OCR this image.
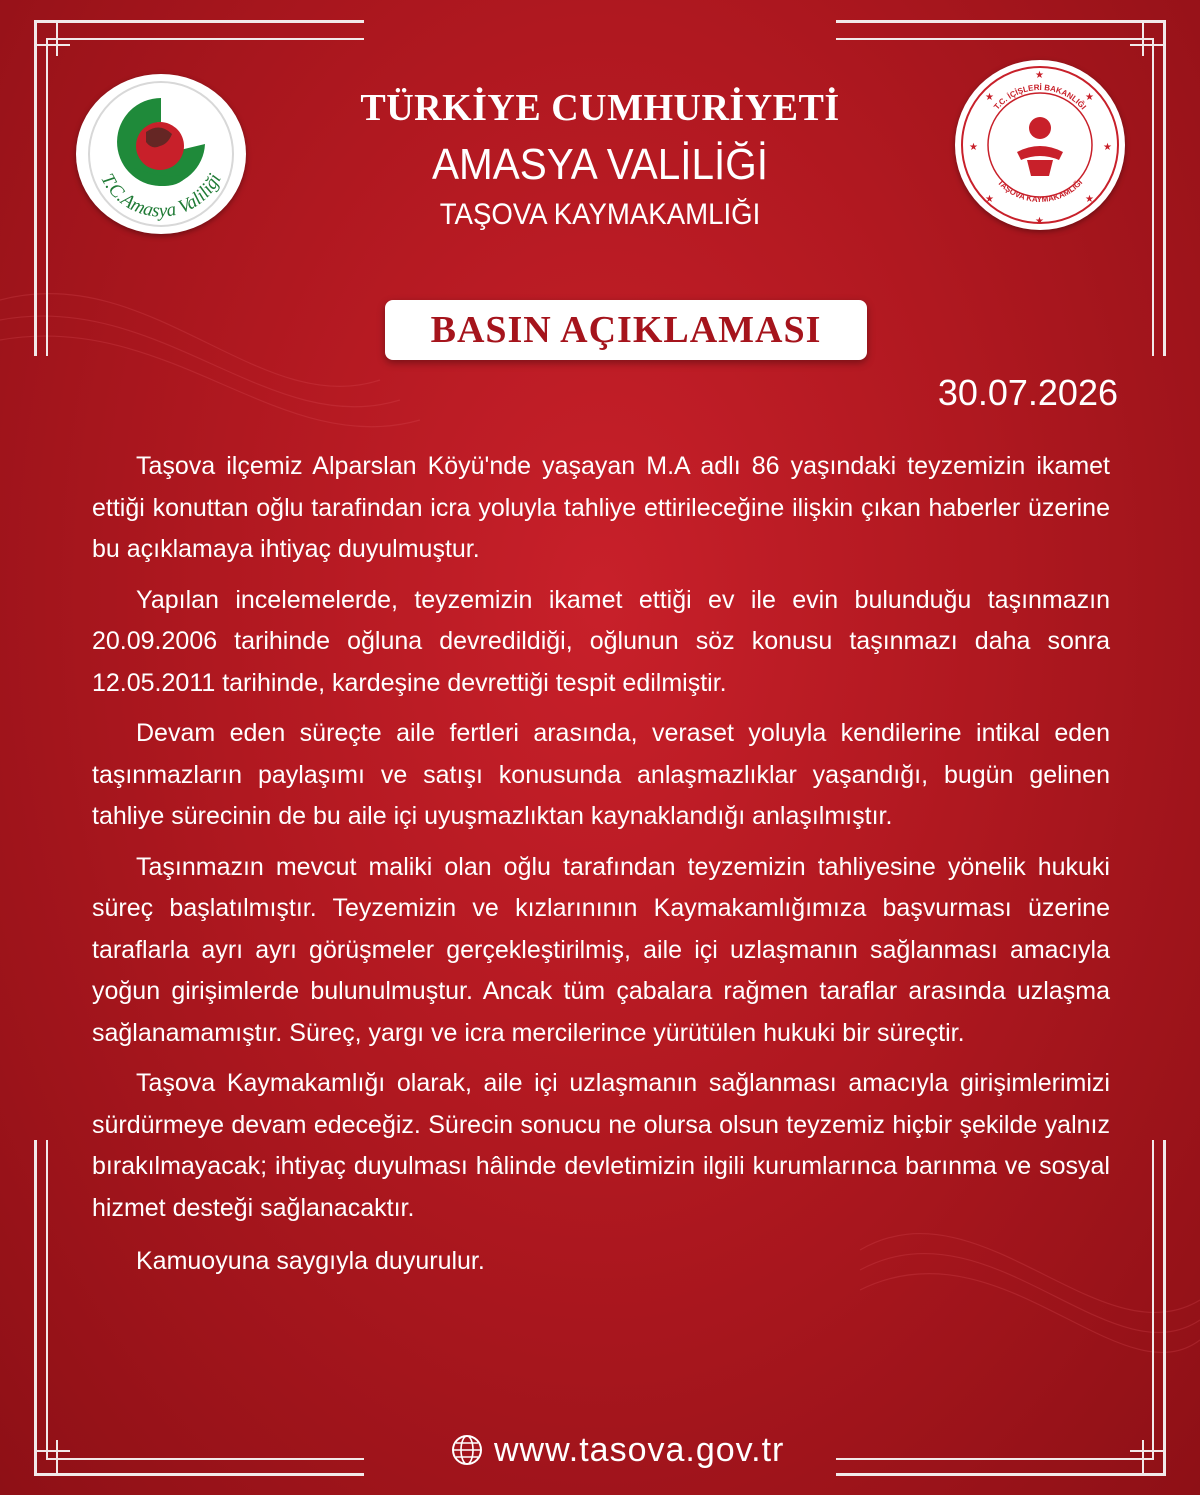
T.C.Amasya Valiliği
★	★
★	★
★	★
★
★
T.C. İÇİŞLERİ BAKANLIĞI
TAŞOVA KAYMAKAMLIĞI
TÜRKİYE CUMHURİYETİ
AMASYA VALİLİĞİ
TAŞOVA KAYMAKAMLIĞI
BASIN AÇIKLAMASI
30.07.2026

Taşova ilçemiz Alparslan Köyü'nde yaşayan M.A adlı 86 yaşındaki teyzemizin ikamet ettiği konuttan oğlu tarafindan icra yoluyla tahliye ettirileceğine ilişkin çıkan haberler üzerine bu açıklamaya ihtiyaç duyulmuştur.

Yapılan incelemelerde, teyzemizin ikamet ettiği ev ile evin bulunduğu taşınmazın 20.09.2006 tarihinde oğluna devredildiği, oğlunun söz konusu taşınmazı daha sonra 12.05.2011 tarihinde, kardeşine devrettiği tespit edilmiştir.

Devam eden süreçte aile fertleri arasında, veraset yoluyla kendilerine intikal eden taşınmazların paylaşımı ve satışı konusunda anlaşmazlıklar yaşandığı, bugün gelinen tahliye sürecinin de bu aile içi uyuşmazlıktan kaynaklandığı anlaşılmıştır.

Taşınmazın mevcut maliki olan oğlu tarafından teyzemizin tahliyesine yönelik hukuki süreç başlatılmıştır. Teyzemizin ve kızlarınının Kaymakamlığımıza başvurması üzerine taraflarla ayrı ayrı görüşmeler gerçekleştirilmiş, aile içi uzlaşmanın sağlanması amacıyla yoğun girişimlerde bulunulmuştur. Ancak tüm çabalara rağmen taraflar arasında uzlaşma sağlanamamıştır. Süreç, yargı ve icra mercilerince yürütülen hukuki bir süreçtir.

Taşova Kaymakamlığı olarak, aile içi uzlaşmanın sağlanması amacıyla girişimlerimizi sürdürmeye devam edeceğiz. Sürecin sonucu ne olursa olsun teyzemiz hiçbir şekilde yalnız bırakılmayacak; ihtiyaç duyulması hâlinde devletimizin ilgili kurumlarınca barınma ve sosyal hizmet desteği sağlanacaktır.

Kamuoyuna saygıyla duyurulur.

www.tasova.gov.tr
